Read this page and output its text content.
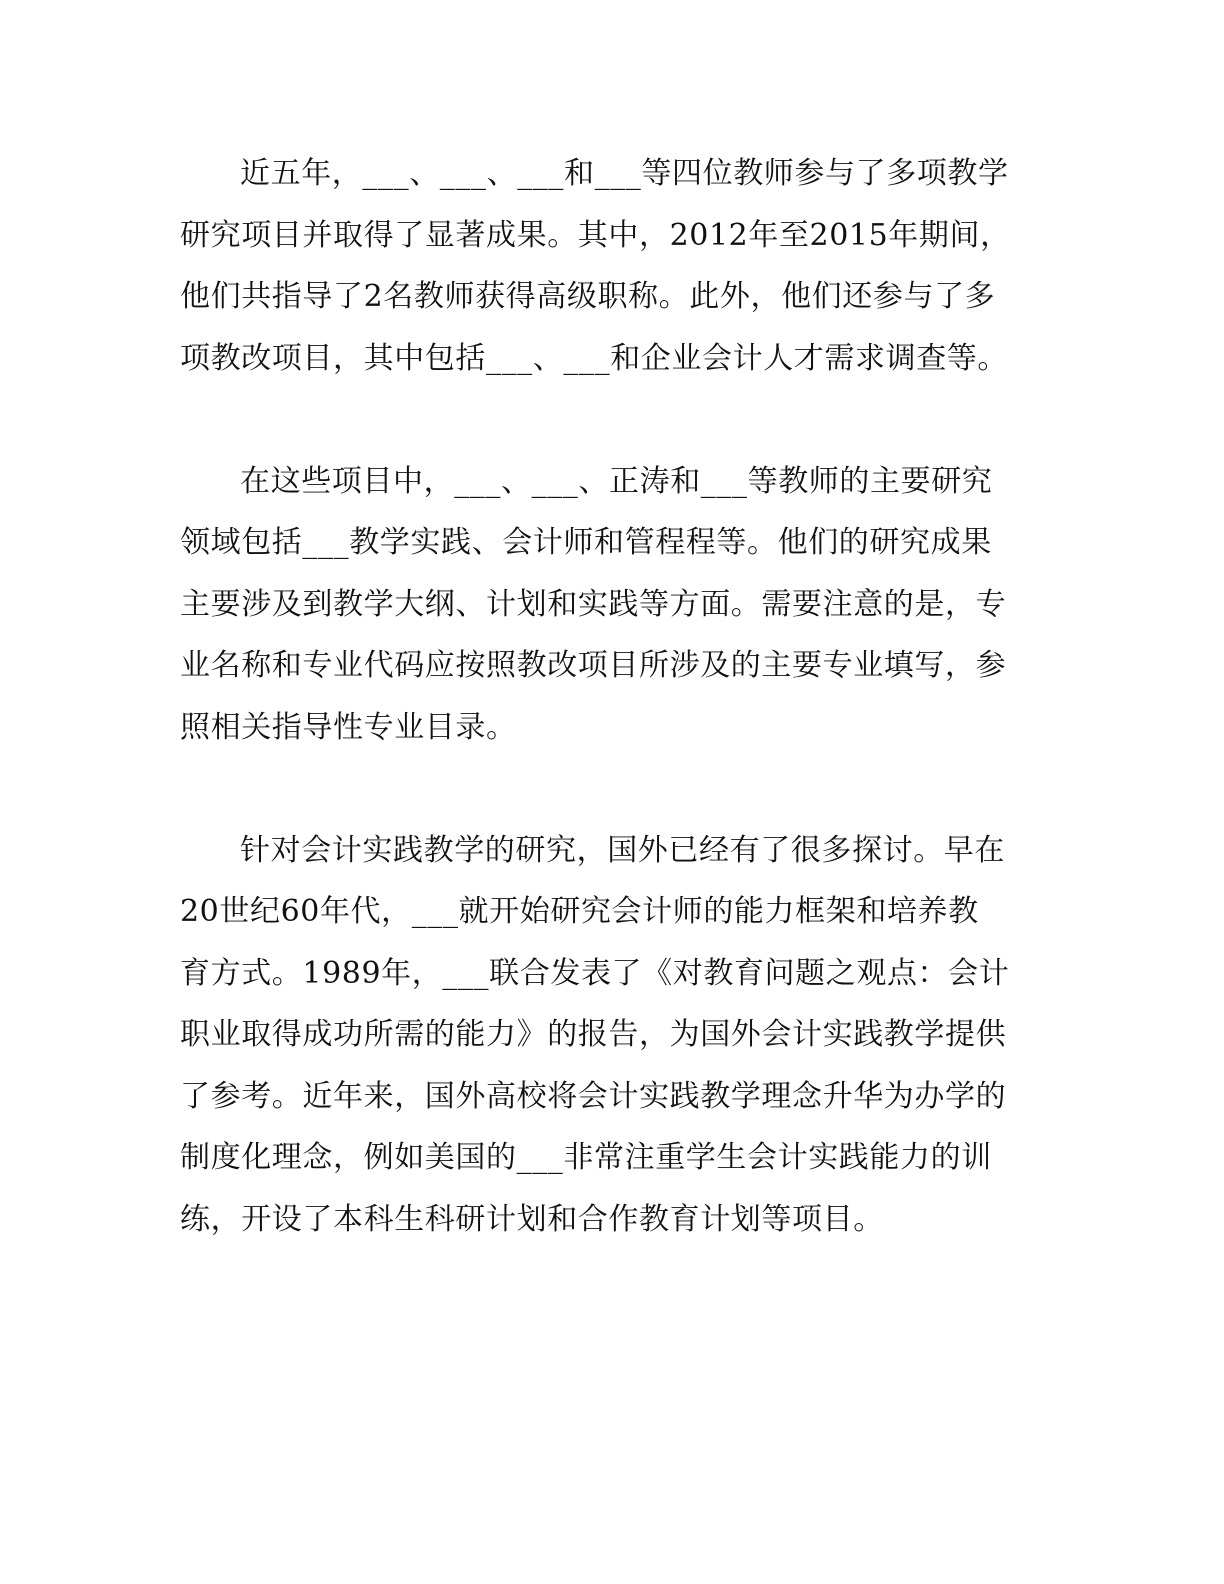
近五年，___、___、___和___等四位教师参与了多项教学
研究项目并取得了显著成果。其中，2012年至2015年期间，
他们共指导了2名教师获得高级职称。此外，他们还参与了多
项教改项目，其中包括___、___和企业会计人才需求调查等。

在这些项目中，___、___、正涛和___等教师的主要研究
领域包括___教学实践、会计师和管程程等。他们的研究成果
主要涉及到教学大纲、计划和实践等方面。需要注意的是，专
业名称和专业代码应按照教改项目所涉及的主要专业填写，参
照相关指导性专业目录。

针对会计实践教学的研究，国外已经有了很多探讨。早在
20世纪60年代，___就开始研究会计师的能力框架和培养教
育方式。1989年，___联合发表了《对教育问题之观点：会计
职业取得成功所需的能力》的报告，为国外会计实践教学提供
了参考。近年来，国外高校将会计实践教学理念升华为办学的
制度化理念，例如美国的___非常注重学生会计实践能力的训
练，开设了本科生科研计划和合作教育计划等项目。
